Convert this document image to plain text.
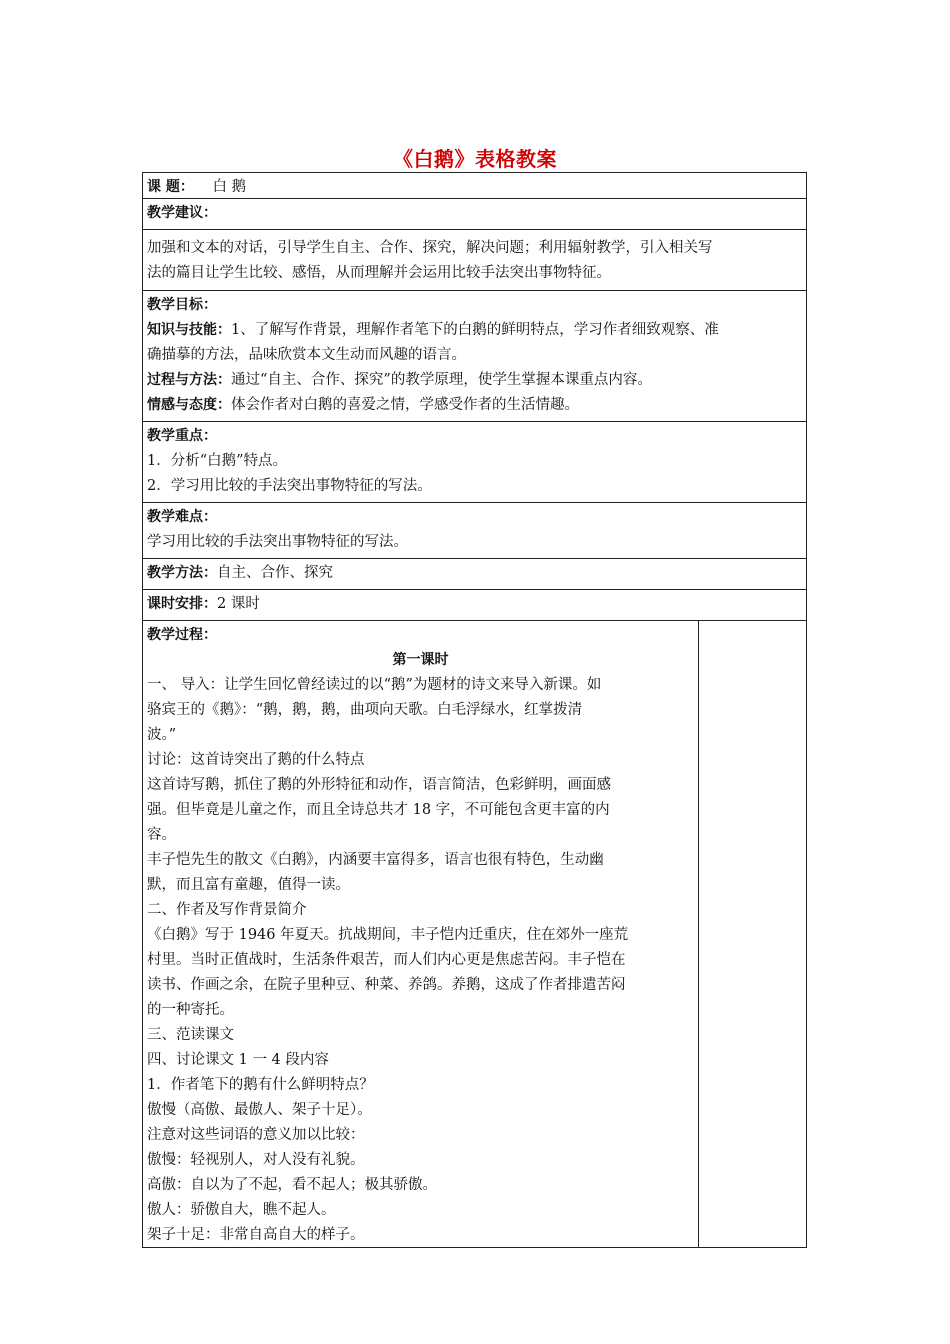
《白鹅》表格教案
课 题： 白 鹅
教学建议：
加强和文本的对话，引导学生自主、合作、探究，解决问题；利用辐射教学，引入相关写
法的篇目让学生比较、感悟，从而理解并会运用比较手法突出事物特征。
教学目标：
知识与技能：1、了解写作背景，理解作者笔下的白鹅的鲜明特点，学习作者细致观察、准
确描摹的方法，品味欣赏本文生动而风趣的语言。
过程与方法：通过“自主、合作、探究”的教学原理，使学生掌握本课重点内容。
情感与态度：体会作者对白鹅的喜爱之情，学感受作者的生活情趣。
教学重点：
1．分析“白鹅”特点。
2．学习用比较的手法突出事物特征的写法。
教学难点：
学习用比较的手法突出事物特征的写法。
教学方法：自主、合作、探究
课时安排：2 课时
教学过程：
第一课时
一、 导入：让学生回忆曾经读过的以“鹅”为题材的诗文来导入新课。如
骆宾王的《鹅》：“鹅，鹅，鹅，曲项向天歌。白毛浮绿水，红掌拨清
波。”
讨论：这首诗突出了鹅的什么特点
这首诗写鹅，抓住了鹅的外形特征和动作，语言简洁，色彩鲜明，画面感
强。但毕竟是儿童之作，而且全诗总共才 18 字，不可能包含更丰富的内
容。
丰子恺先生的散文《白鹅》，内涵要丰富得多，语言也很有特色，生动幽
默，而且富有童趣，值得一读。
二、作者及写作背景简介
《白鹅》写于 1946 年夏天。抗战期间，丰子恺内迁重庆，住在郊外一座荒
村里。当时正值战时，生活条件艰苦，而人们内心更是焦虑苦闷。丰子恺在
读书、作画之余，在院子里种豆、种菜、养鸽。养鹅，这成了作者排遣苦闷
的一种寄托。
三、范读课文
四、讨论课文 1 一 4 段内容
1．作者笔下的鹅有什么鲜明特点？
傲慢（高傲、最傲人、架子十足）。
注意对这些词语的意义加以比较：
傲慢：轻视别人，对人没有礼貌。
高傲：自以为了不起，看不起人；极其骄傲。
傲人：骄傲自大，瞧不起人。
架子十足：非常自高自大的样子。
